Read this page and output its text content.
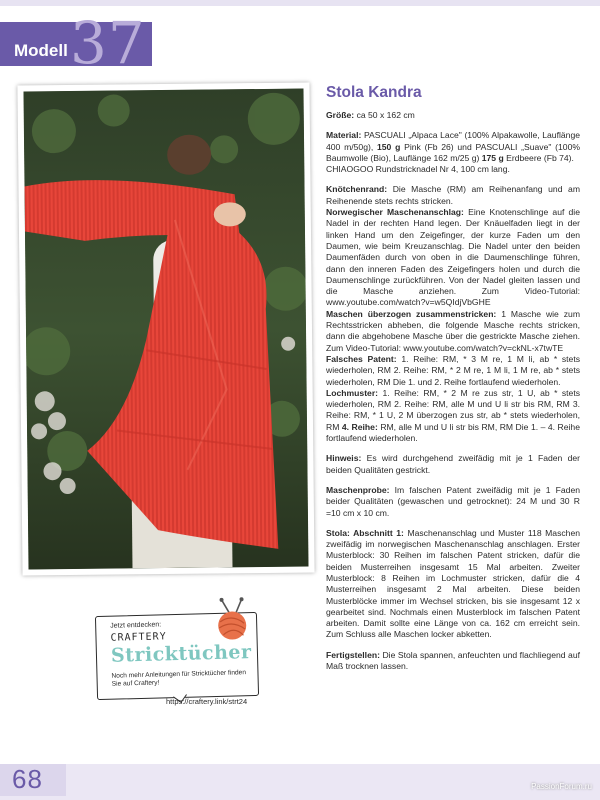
Modell 37
Stola Kandra
Größe: ca 50 x 162 cm
Material: PASCUALI „Alpaca Lace" (100% Alpakawolle, Lauflänge 400 m/50g), 150 g Pink (Fb 26) und PASCUALI „Suave" (100% Baumwolle (Bio), Lauflänge 162 m/25 g) 175 g Erdbeere (Fb 74).
CHIAOGOO Rundstricknadel Nr 4, 100 cm lang.
Knötchenrand: Die Masche (RM) am Reihenanfang und am Reihenende stets rechts stricken.
Norwegischer Maschenanschlag: Eine Knotenschlinge auf die Nadel in der rechten Hand legen. Der Knäuelfaden liegt in der linken Hand um den Zeigefinger, der kurze Faden um den Daumen, wie beim Kreuzanschlag. Die Nadel unter den beiden Daumenfäden durch von oben in die Daumenschlinge führen, dann den inneren Faden des Zeigefingers holen und durch die Daumenschlinge zurückführen. Von der Nadel gleiten lassen und die Masche anziehen. Zum Video-Tutorial: www.youtube.com/watch?v=w5QIdjVbGHE
Maschen überzogen zusammenstricken: 1 Masche wie zum Rechtsstricken abheben, die folgende Masche rechts stricken, dann die abgehobene Masche über die gestrickte Masche ziehen. Zum Video-Tutorial: www.youtube.com/watch?v=ckNL-x7twTE
Falsches Patent: 1. Reihe: RM, * 3 M re, 1 M li, ab * stets wiederholen, RM 2. Reihe: RM, * 2 M re, 1 M li, 1 M re, ab * stets wiederholen, RM Die 1. und 2. Reihe fortlaufend wiederholen.
Lochmuster: 1. Reihe: RM, * 2 M re zus str, 1 U, ab * stets wiederholen, RM 2. Reihe: RM, alle M und U li str bis RM, RM 3. Reihe: RM, * 1 U, 2 M überzogen zus str, ab * stets wiederholen, RM 4. Reihe: RM, alle M und U li str bis RM, RM Die 1. – 4. Reihe fortlaufend wiederholen.
Hinweis: Es wird durchgehend zweifädig mit je 1 Faden der beiden Qualitäten gestrickt.
Maschenprobe: Im falschen Patent zweifädig mit je 1 Faden beider Qualitäten (gewaschen und getrocknet): 24 M und 30 R =10 cm x 10 cm.
Stola: Abschnitt 1: Maschenanschlag und Muster 118 Maschen zweifädig im norwegischen Maschenanschlag anschlagen. Erster Musterblock: 30 Reihen im falschen Patent stricken, dafür die beiden Musterreihen insgesamt 15 Mal arbeiten. Zweiter Musterblock: 8 Reihen im Lochmuster stricken, dafür die 4 Musterreihen insgesamt 2 Mal arbeiten. Diese beiden Musterblöcke immer im Wechsel stricken, bis sie insgesamt 12 x gearbeitet sind. Nochmals einen Musterblock im falschen Patent arbeiten. Damit sollte eine Länge von ca. 162 cm erreicht sein. Zum Schluss alle Maschen locker abketten.
Fertigstellen: Die Stola spannen, anfeuchten und flachliegend auf Maß trocknen lassen.
Jetzt entdecken:
CRAFTERY
Stricktücher
Noch mehr Anleitungen für Stricktücher finden Sie auf Craftery!
https://craftery.link/strt24
68	PassionForum.ru
